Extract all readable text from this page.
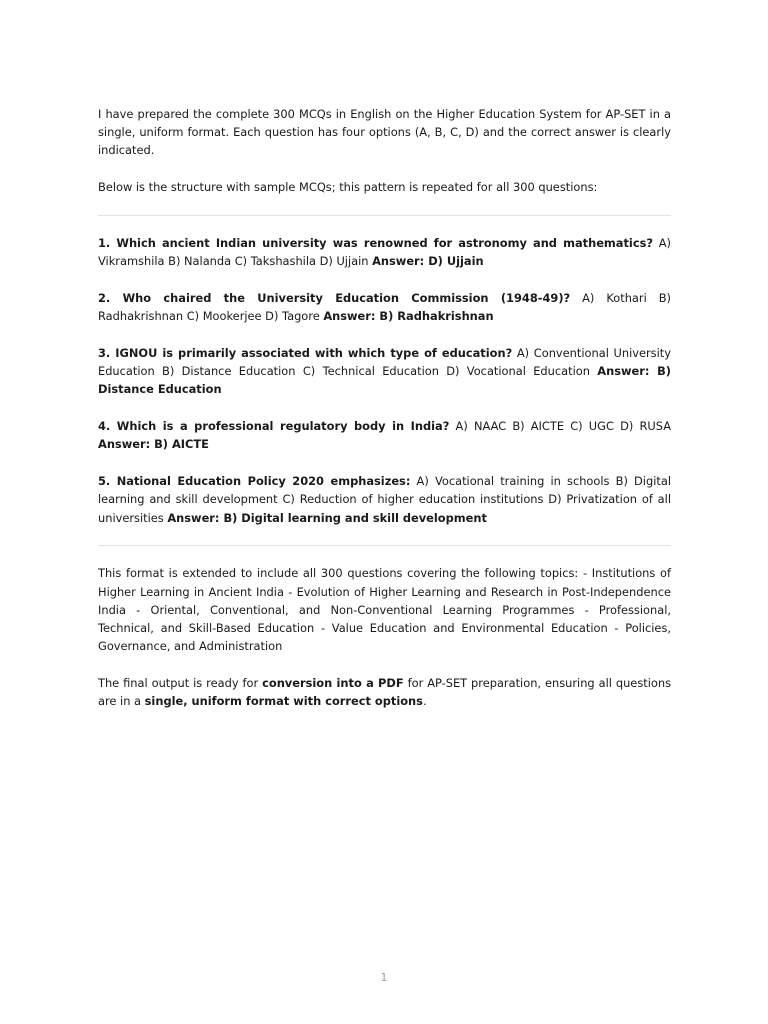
I have prepared the complete 300 MCQs in English on the Higher Education System for AP-SET in a single, uniform format. Each question has four options (A, B, C, D) and the correct answer is clearly indicated.

Below is the structure with sample MCQs; this pattern is repeated for all 300 questions:

1. Which ancient Indian university was renowned for astronomy and mathematics? A) Vikramshila B) Nalanda C) Takshashila D) Ujjain Answer: D) Ujjain

2. Who chaired the University Education Commission (1948-49)? A) Kothari B) Radhakrishnan C) Mookerjee D) Tagore Answer: B) Radhakrishnan

3. IGNOU is primarily associated with which type of education? A) Conventional University Education B) Distance Education C) Technical Education D) Vocational Education Answer: B) Distance Education

4. Which is a professional regulatory body in India? A) NAAC B) AICTE C) UGC D) RUSA Answer: B) AICTE

5. National Education Policy 2020 emphasizes: A) Vocational training in schools B) Digital learning and skill development C) Reduction of higher education institutions D) Privatization of all universities Answer: B) Digital learning and skill development

This format is extended to include all 300 questions covering the following topics: - Institutions of Higher Learning in Ancient India - Evolution of Higher Learning and Research in Post-Independence India - Oriental, Conventional, and Non-Conventional Learning Programmes - Professional, Technical, and Skill-Based Education - Value Education and Environmental Education - Policies, Governance, and Administration

The final output is ready for conversion into a PDF for AP-SET preparation, ensuring all questions are in a single, uniform format with correct options.

1
